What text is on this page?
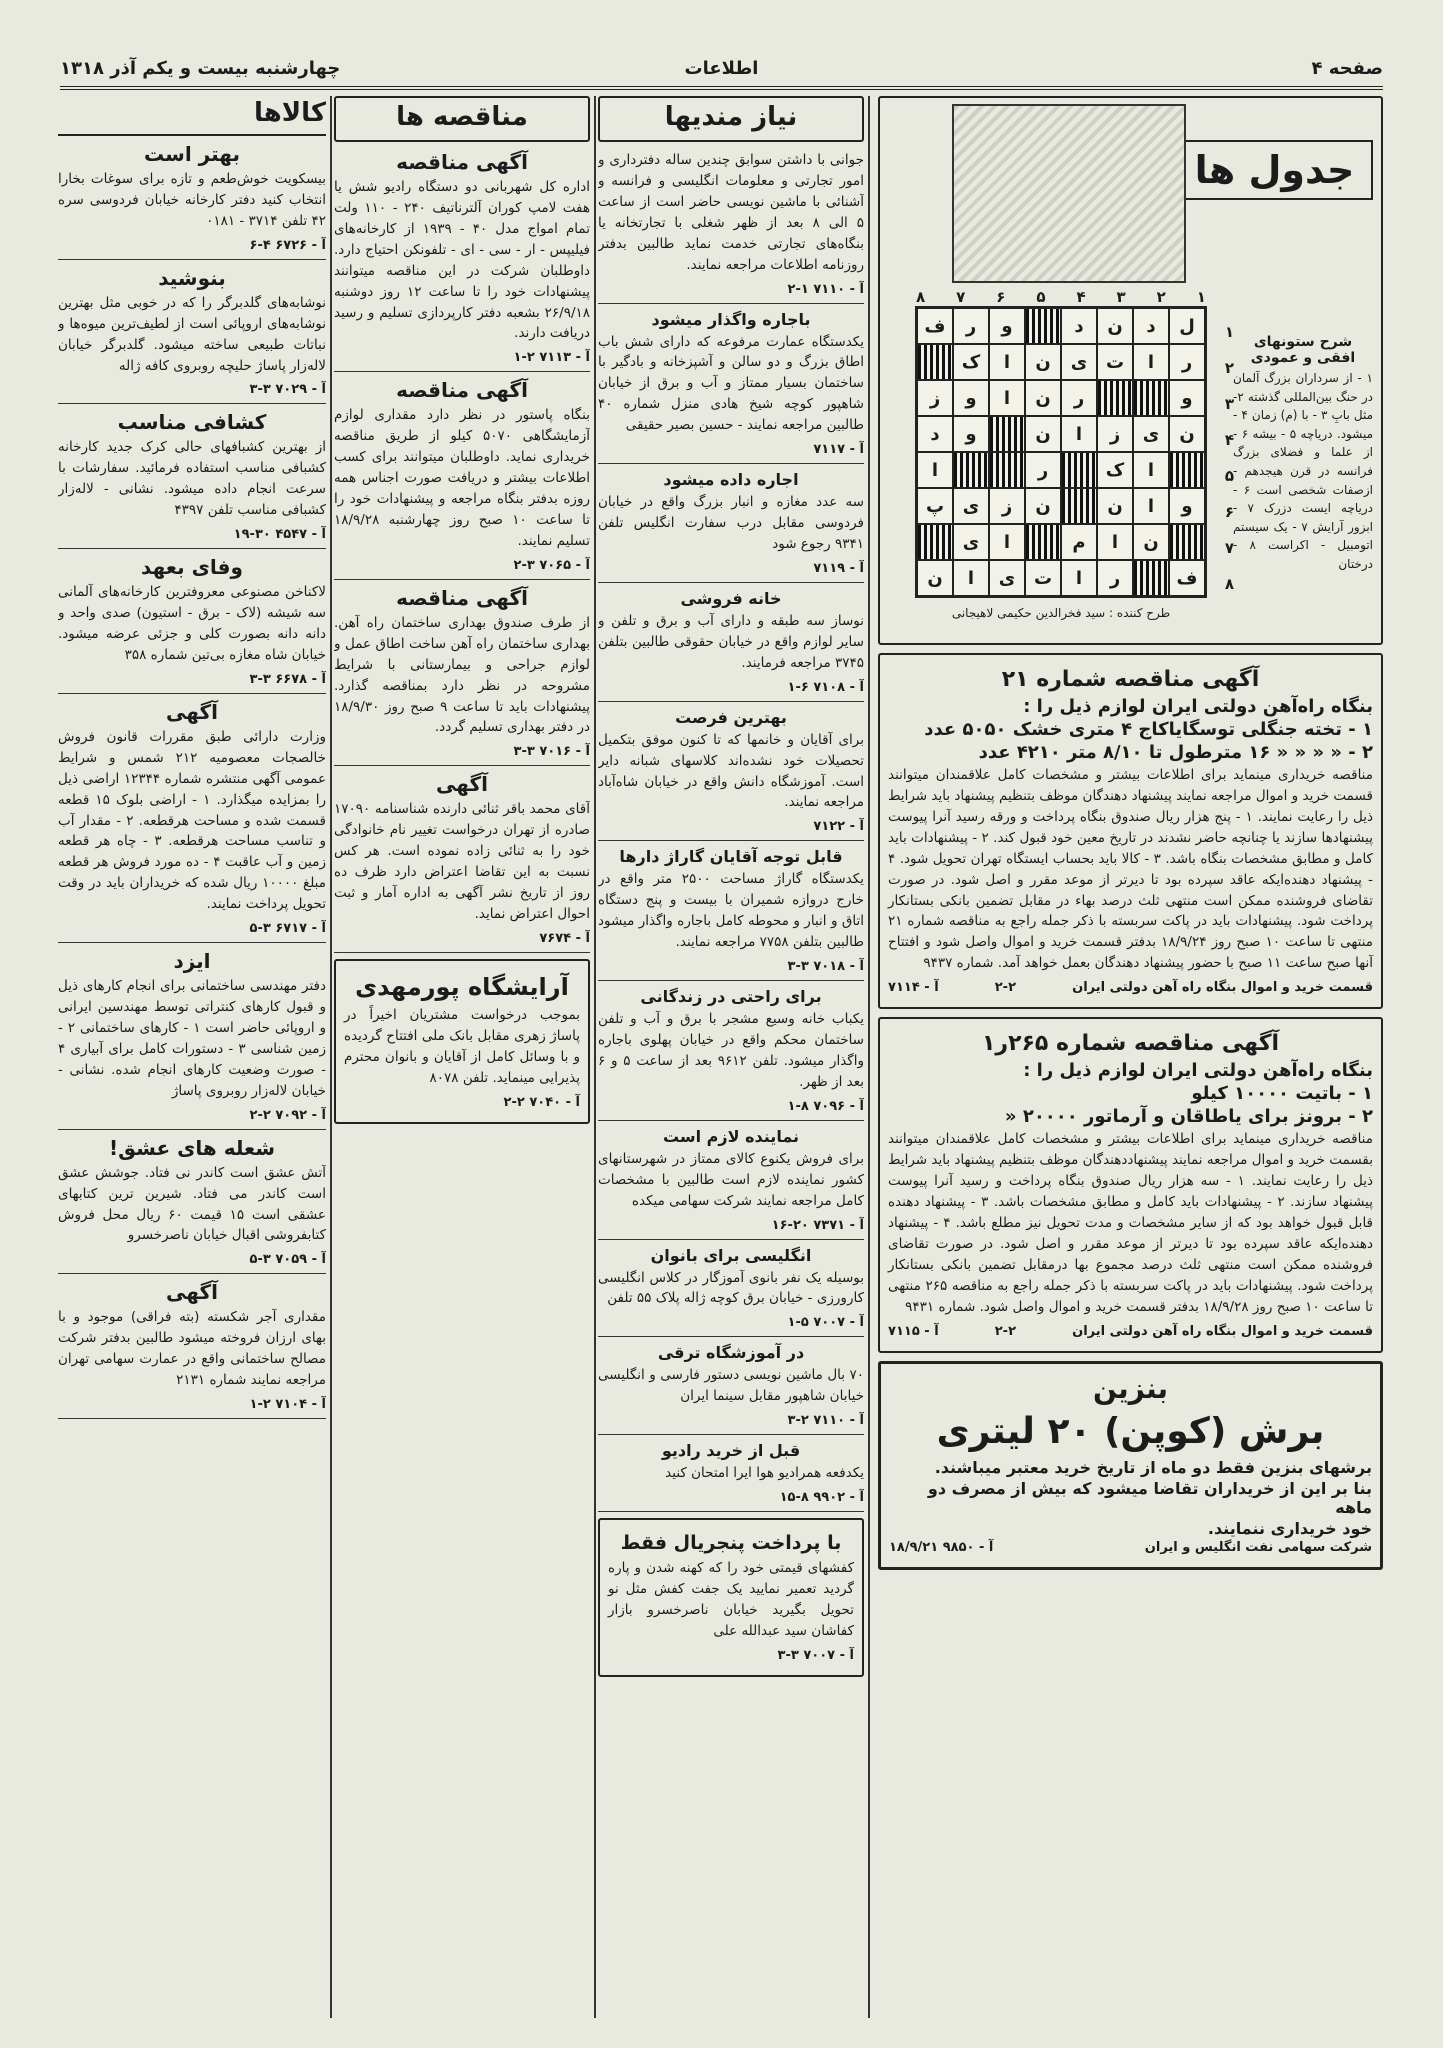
صفحه ۴
اطلاعات
چهارشنبه بیست و یکم آذر ۱۳۱۸
جدول ها
۸ ۷ ۶ ۵ ۴ ۳ ۲ ۱
ل
د
ن
د
و
ر
ف
ر
ا
ت
ی
ن
ا
ک
و
ر
ن
ا
و
ز
ن
ی
ز
ا
ن
و
د
ا
ک
ر
ا
و
ا
ن
ن
ز
ی
پ
ن
ا
م
ا
ی
ف
ر
ا
ت
ی
ا
ن
۱
۲
۳
۴
۵
۶
۷
۸

طرح کننده : سید فخرالدین حکیمی لاهیجانی

شرح ستونهای افقی و عمودی

۱ - از سرداران بزرگ آلمان در حنگ بین‌المللی گذشته ۲- مثل بابِ ۳ - با (م) زمان ۴ - میشود. دریاچه ۵ - بیشه ۶ - از علما و فضلای بزرگ فرانسه در قرن هیجدهم - ازصفات شخصی است ۶ - دریاچه ایست دزرک ۷ - ابزور آرایش ۷ - یک سیستم اتومبیل - اکراست ۸ - درختان

آگهی مناقصه شماره ۲۱
بنگاه راه‌آهن دولتی ایران لوازم ذیل را :
۱ - تخته جنگلی توسگایاکاج ۴ متری خشک ۵۰۵۰ عدد
۲ - « « « « ۱۶ مترطول تا ۸/۱۰ متر ۴۲۱۰ عدد

مناقصه خریداری مینماید برای اطلاعات بیشتر و مشخصات کامل علاقمندان میتوانند قسمت خرید و اموال مراجعه نمایند پیشنهاد دهندگان موظف بتنظیم پیشنهاد باید شرایط ذیل را رعایت نمایند. ۱ - پنج هزار ریال صندوق بنگاه پرداخت و ورقه رسید آنرا پیوست پیشنهادها سازند یا چنانچه حاضر نشدند در تاریخ معین خود قبول کند. ۲ - پیشنهادات باید کامل و مطابق مشخصات بنگاه باشد. ۳ - کالا باید بحساب ایستگاه تهران تحویل شود. ۴ - پیشنهاد دهنده‌ایکه عاقد سپرده بود تا دیرتر از موعد مقرر و اصل شود. در صورت تقاضای فروشنده ممکن است منتهی ثلث درصد بهاء در مقابل تضمین بانکی بستانکار پرداخت شود. پیشنهادات باید در پاکت سربسته با ذکر جمله راجع به مناقصه شماره ۲۱ منتهی تا ساعت ۱۰ صبح روز ۱۸/۹/۲۴ بدفتر قسمت خرید و اموال واصل شود و افتتاح آنها صبح ساعت ۱۱ صبح با حضور پیشنهاد دهندگان بعمل خواهد آمد. شماره ۹۴۳۷

قسمت خرید و اموال بنگاه راه آهن دولتی ایران
۲-۲
آ - ۷۱۱۴
آگهی مناقصه شماره ۲۶۵ر۱
بنگاه راه‌آهن دولتی ایران لوازم ذیل را :
۱ - باتیت ۱۰۰۰۰ کیلو
۲ - برونز برای یاطاقان و آرماتور ۲۰۰۰۰ «

مناقصه خریداری مینماید برای اطلاعات بیشتر و مشخصات کامل علاقمندان میتوانند بقسمت خرید و اموال مراجعه نمایند پیشنهاددهندگان موظف بتنظیم پیشنهاد باید شرایط ذیل را رعایت نمایند. ۱ - سه هزار ریال صندوق بنگاه پرداخت و رسید آنرا پیوست پیشنهاد سازند. ۲ - پیشنهادات باید کامل و مطابق مشخصات باشد. ۳ - پیشنهاد دهنده قابل قبول خواهد بود که از سایر مشخصات و مدت تحویل نیز مطلع باشد. ۴ - پیشنهاد دهنده‌ایکه عاقد سپرده بود تا دیرتر از موعد مقرر و اصل شود. در صورت تقاضای فروشنده ممکن است منتهی ثلث درصد مجموع بها درمقابل تضمین بانکی بستانکار پرداخت شود. پیشنهادات باید در پاکت سربسته با ذکر جمله راجع به مناقصه ۲۶۵ منتهی تا ساعت ۱۰ صبح روز ۱۸/۹/۲۸ بدفتر قسمت خرید و اموال واصل شود. شماره ۹۴۳۱

قسمت خرید و اموال بنگاه راه آهن دولتی ایران
۲-۲
آ - ۷۱۱۵
بنزین
برش (کوپن) ۲۰ لیتری
برشهای بنزین فقط دو ماه از تاریخ خرید معتبر میباشند.
بنا بر این از خریداران تقاضا میشود که بیش از مصرف دو ماهه
خود خریداری ننمایند.
شرکت سهامی نفت انگلیس و ایران
آ - ۹۸۵۰ ۱۸/۹/۲۱
نیاز مندیها

جوانی با داشتن سوابق چندین ساله دفترداری و امور تجارتی و معلومات انگلیسی و فرانسه و آشنائی با ماشین نویسی حاضر است از ساعت ۵ الی ۸ بعد از ظهر شغلی با تجارتخانه یا بنگاه‌های تجارتی خدمت نماید طالبین بدفتر روزنامه اطلاعات مراجعه نمایند.

آ - ۷۱۱۰ ۱-۲
باجاره واگذار میشود

یکدستگاه عمارت مرفوعه که دارای شش باب اطاق بزرگ و دو سالن و آشپزخانه و بادگیر با ساختمان بسیار ممتاز و آب و برق از خیابان شاهپور کوچه شیخ هادی منزل شماره ۴۰ طالبین مراجعه نمایند - حسین بصیر حقیقی

آ - ۷۱۱۷
اجاره داده میشود

سه عدد مغازه و انبار بزرگ واقع در خیابان فردوسی مقابل درب سفارت انگلیس تلفن ۹۳۴۱ رجوع شود

آ - ۷۱۱۹
خانه فروشی

نوساز سه طبقه و دارای آب و برق و تلفن و سایر لوازم واقع در خیابان حقوقی طالبین بتلفن ۳۷۴۵ مراجعه فرمایند.

آ - ۷۱۰۸ ۶-۱
بهترین فرصت

برای آقایان و خانمها که تا کنون موفق بتکمیل تحصیلات خود نشده‌اند کلاسهای شبانه دایر است. آموزشگاه دانش واقع در خیابان شاه‌آباد مراجعه نمایند.

آ - ۷۱۲۲
قابل توجه آقایان گاراژ دارها

یکدستگاه گاراژ مساحت ۲۵۰۰ متر واقع در خارج دروازه شمیران با بیست و پنج دستگاه اتاق و انبار و محوطه کامل باجاره واگذار میشود طالبین بتلفن ۷۷۵۸ مراجعه نمایند.

آ - ۷۰۱۸ ۳-۳
برای راحتی در زندگانی

یکباب خانه وسیع مشجر با برق و آب و تلفن ساختمان محکم واقع در خیابان پهلوی باجاره واگذار میشود. تلفن ۹۶۱۲ بعد از ساعت ۵ و ۶ بعد از ظهر.

آ - ۷۰۹۶ ۸-۱
نماینده لازم است

برای فروش یکنوع کالای ممتاز در شهرستانهای کشور نماینده لازم است طالبین با مشخصات کامل مراجعه نمایند شرکت سهامی میکده

آ - ۷۳۷۱ ۲۰-۱۶
انگلیسی برای بانوان

بوسیله یک نفر بانوی آموزگار در کلاس انگلیسی کارورزی - خیابان برق کوچه ژاله پلاک ۵۵ تلفن

آ - ۷۰۰۷ ۵-۱
در آموزشگاه ترقی

۷۰ بال ماشین نویسی دستور فارسی و انگلیسی خیابان شاهپور مقابل سینما ایران

آ - ۷۱۱۰ ۲-۳
قبل از خرید رادیو

یکدفعه همرادیو هوا ایرا امتحان کنید

آ - ۹۹۰۲ ۸-۱۵
با پرداخت پنجریال فقط

کفشهای قیمتی خود را که کهنه شدن و پاره گردید تعمیر نمایید یک جفت کفش مثل نو تحویل بگیرید خیابان ناصرخسرو بازار کفاشان سید عبدالله علی

آ - ۷۰۰۷ ۳-۳
مناقصه ها
آگهی مناقصه

اداره کل شهربانی دو دستگاه رادیو شش یا هفت لامپ کوران آلترناتیف ۲۴۰ - ۱۱۰ ولت تمام امواج مدل ۴۰ - ۱۹۳۹ از کارخانه‌های فیلیپس - ار - سی - ای - تلفونکن احتیاج دارد. داوطلبان شرکت در این مناقصه میتوانند پیشنهادات خود را تا ساعت ۱۲ روز دوشنبه ۲۶/۹/۱۸ بشعبه دفتر کارپردازی تسلیم و رسید دریافت دارند.

آ - ۷۱۱۳ ۲-۱
آگهی مناقصه

بنگاه پاستور در نظر دارد مقداری لوازم آزمایشگاهی ۵۰۷۰ کیلو از طریق مناقصه خریداری نماید. داوطلبان میتوانند برای کسب اطلاعات بیشتر و دریافت صورت اجناس همه روزه بدفتر بنگاه مراجعه و پیشنهادات خود را تا ساعت ۱۰ صبح روز چهارشنبه ۱۸/۹/۲۸ تسلیم نمایند.

آ - ۷۰۶۵ ۳-۲
آگهی مناقصه

از طرف صندوق بهداری ساختمان راه آهن. بهداری ساختمان راه آهن ساخت اطاق عمل و لوازم جراحی و بیمارستانی با شرایط مشروحه در نظر دارد بمناقصه گذارد. پیشنهادات باید تا ساعت ۹ صبح روز ۱۸/۹/۳۰ در دفتر بهداری تسلیم گردد.

آ - ۷۰۱۶ ۳-۳
آگهی

آقای محمد باقر ثنائی دارنده شناسنامه ۱۷۰۹۰ صادره از تهران درخواست تغییر نام خانوادگی خود را به ثنائی زاده نموده است. هر کس نسبت به این تقاضا اعتراض دارد ظرف ده روز از تاریخ نشر آگهی به اداره آمار و ثبت احوال اعتراض نماید.

آ - ۷۶۷۴
آرایشگاه پورمهدی

بموجب درخواست مشتریان اخیراً در پاساژ زهری مقابل بانک ملی افتتاح گردیده و با وسائل کامل از آقایان و بانوان محترم پذیرایی مینماید. تلفن ۸۰۷۸

آ - ۷۰۴۰ ۲-۲
کالاها
بهتر است

بیسکویت خوش‌طعم و تازه برای سوغات بخارا انتخاب کنید دفتر کارخانه خیابان فردوسی سره ۴۲ تلفن ۳۷۱۴ - ۰۱۸۱

آ - ۶۷۲۶ ۴-۶
بنوشید

نوشابه‌های گلدبرگر را که در خوبی مثل بهترین نوشابه‌های اروپائی است از لطیف‌ترین میوه‌ها و نباتات طبیعی ساخته میشود. گلدبرگر خیابان لاله‌زار پاساژ حلیچه روبروی کافه ژاله

آ - ۷۰۲۹ ۳-۳
کشافی مناسب

از بهترین کشبافهای حالی کرک جدید کارخانه کشبافی مناسب استفاده فرمائید. سفارشات با سرعت انجام داده میشود. نشانی - لاله‌زار کشبافی مناسب تلفن ۴۳۹۷

آ - ۴۵۴۷ ۳۰-۱۹
وفای بعهد

لاکناخن مصنوعی معروفترین کارخانه‌های آلمانی سه شیشه (لاک - برق - استیون) صدی واحد و دانه دانه بصورت کلی و جزئی عرضه میشود. خیابان شاه مغازه بی‌تین شماره ۳۵۸

آ - ۶۶۷۸ ۳-۳
آگهی

وزارت دارائی طبق مقررات قانون فروش خالصجات معصومیه ۲۱۲ شمس و شرایط عمومی آگهی منتشره شماره ۱۲۳۴۴ اراضی ذیل را بمزایده میگذارد. ۱ - اراضی بلوک ۱۵ قطعه قسمت شده و مساحت هرقطعه. ۲ - مقدار آب و تناسب مساحت هرقطعه. ۳ - چاه هر قطعه زمین و آب عاقبت ۴ - ده مورد فروش هر قطعه مبلغ ۱۰۰۰۰ ریال شده که خریداران باید در وقت تحویل پرداخت نمایند.

آ - ۶۷۱۷ ۳-۵
ایزد

دفتر مهندسی ساختمانی برای انجام کارهای ذیل و قبول کارهای کنتراتی توسط مهندسین ایرانی و اروپائی حاضر است ۱ - کارهای ساختمانی ۲ - زمین شناسی ۳ - دستورات کامل برای آبیاری ۴ - صورت وضعیت کارهای انجام شده. نشانی - خیابان لاله‌زار روبروی پاساژ

آ - ۷۰۹۲ ۲-۲
شعله های عشق!

آتش عشق است کاندر نی فتاد. جوشش عشق است کاندر می فتاد. شیرین ترین کتابهای عشقی است ۱۵ قیمت ۶۰ ریال محل فروش کتابفروشی اقبال خیابان ناصرخسرو

آ - ۷۰۵۹ ۳-۵
آگهی

مقداری آجر شکسته (بته فراقی) موجود و با بهای ارزان فروخته میشود طالبین بدفتر شرکت مصالح ساختمانی واقع در عمارت سهامی تهران مراجعه نمایند شماره ۲۱۳۱

آ - ۷۱۰۴ ۲-۱
